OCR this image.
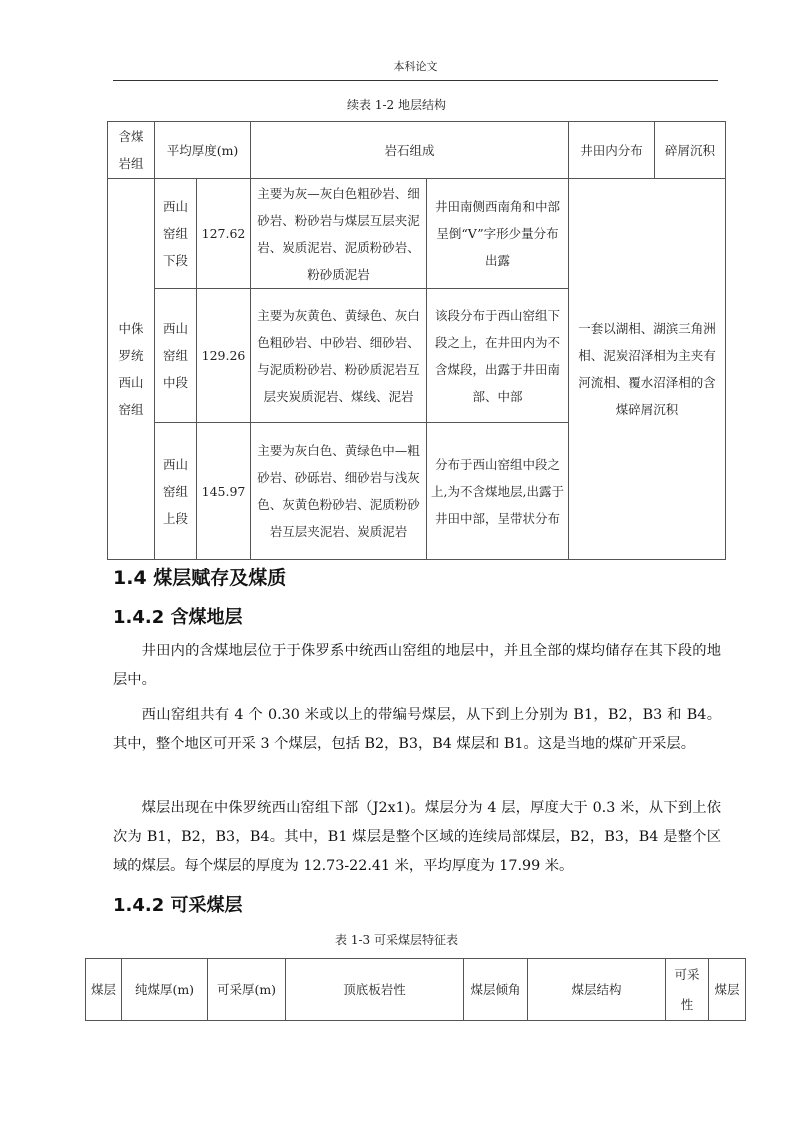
本科论文
续表 1-2 地层结构
含煤岩组	平均厚度(m)		岩石组成		井田内分布	碎屑沉积
中侏罗统西山窑组	西山窑组下段	127.62	主要为灰—灰白色粗砂岩、细砂岩、粉砂岩与煤层互层夹泥岩、炭质泥岩、泥质粉砂岩、粉砂质泥岩	井田南侧西南角和中部呈倒“V”字形少量分布出露	一套以湖相、湖滨三角洲相、泥炭沼泽相为主夹有河流相、覆水沼泽相的含煤碎屑沉积	
	西山窑组中段	129.26	主要为灰黄色、黄绿色、灰白色粗砂岩、中砂岩、细砂岩、与泥质粉砂岩、粉砂质泥岩互层夹炭质泥岩、煤线、泥岩	该段分布于西山窑组下段之上，在井田内为不含煤段，出露于井田南部、中部		
	西山窑组上段	145.97	主要为灰白色、黄绿色中—粗砂岩、砂砾岩、细砂岩与浅灰色、灰黄色粉砂岩、泥质粉砂岩互层夹泥岩、炭质泥岩	分布于西山窑组中段之上,为不含煤地层,出露于井田中部，呈带状分布		
1.4 煤层赋存及煤质
1.4.2 含煤地层

井田内的含煤地层位于于侏罗系中统西山窑组的地层中，并且全部的煤均储存在其下段的地层中。

西山窑组共有 4 个 0.30 米或以上的带编号煤层，从下到上分别为 B1，B2，B3 和 B4。其中，整个地区可开采 3 个煤层，包括 B2，B3，B4 煤层和 B1。这是当地的煤矿开采层。

煤层出现在中侏罗统西山窑组下部（J2x1)。煤层分为 4 层，厚度大于 0.3 米，从下到上依次为 B1，B2，B3，B4。其中，B1 煤层是整个区域的连续局部煤层，B2，B3，B4 是整个区域的煤层。每个煤层的厚度为 12.73-22.41 米，平均厚度为 17.99 米。

1.4.2 可采煤层
表 1-3 可采煤层特征表
煤层	纯煤厚(m)	可采厚(m)	顶底板岩性	煤层倾角	煤层结构	可采性	煤层
